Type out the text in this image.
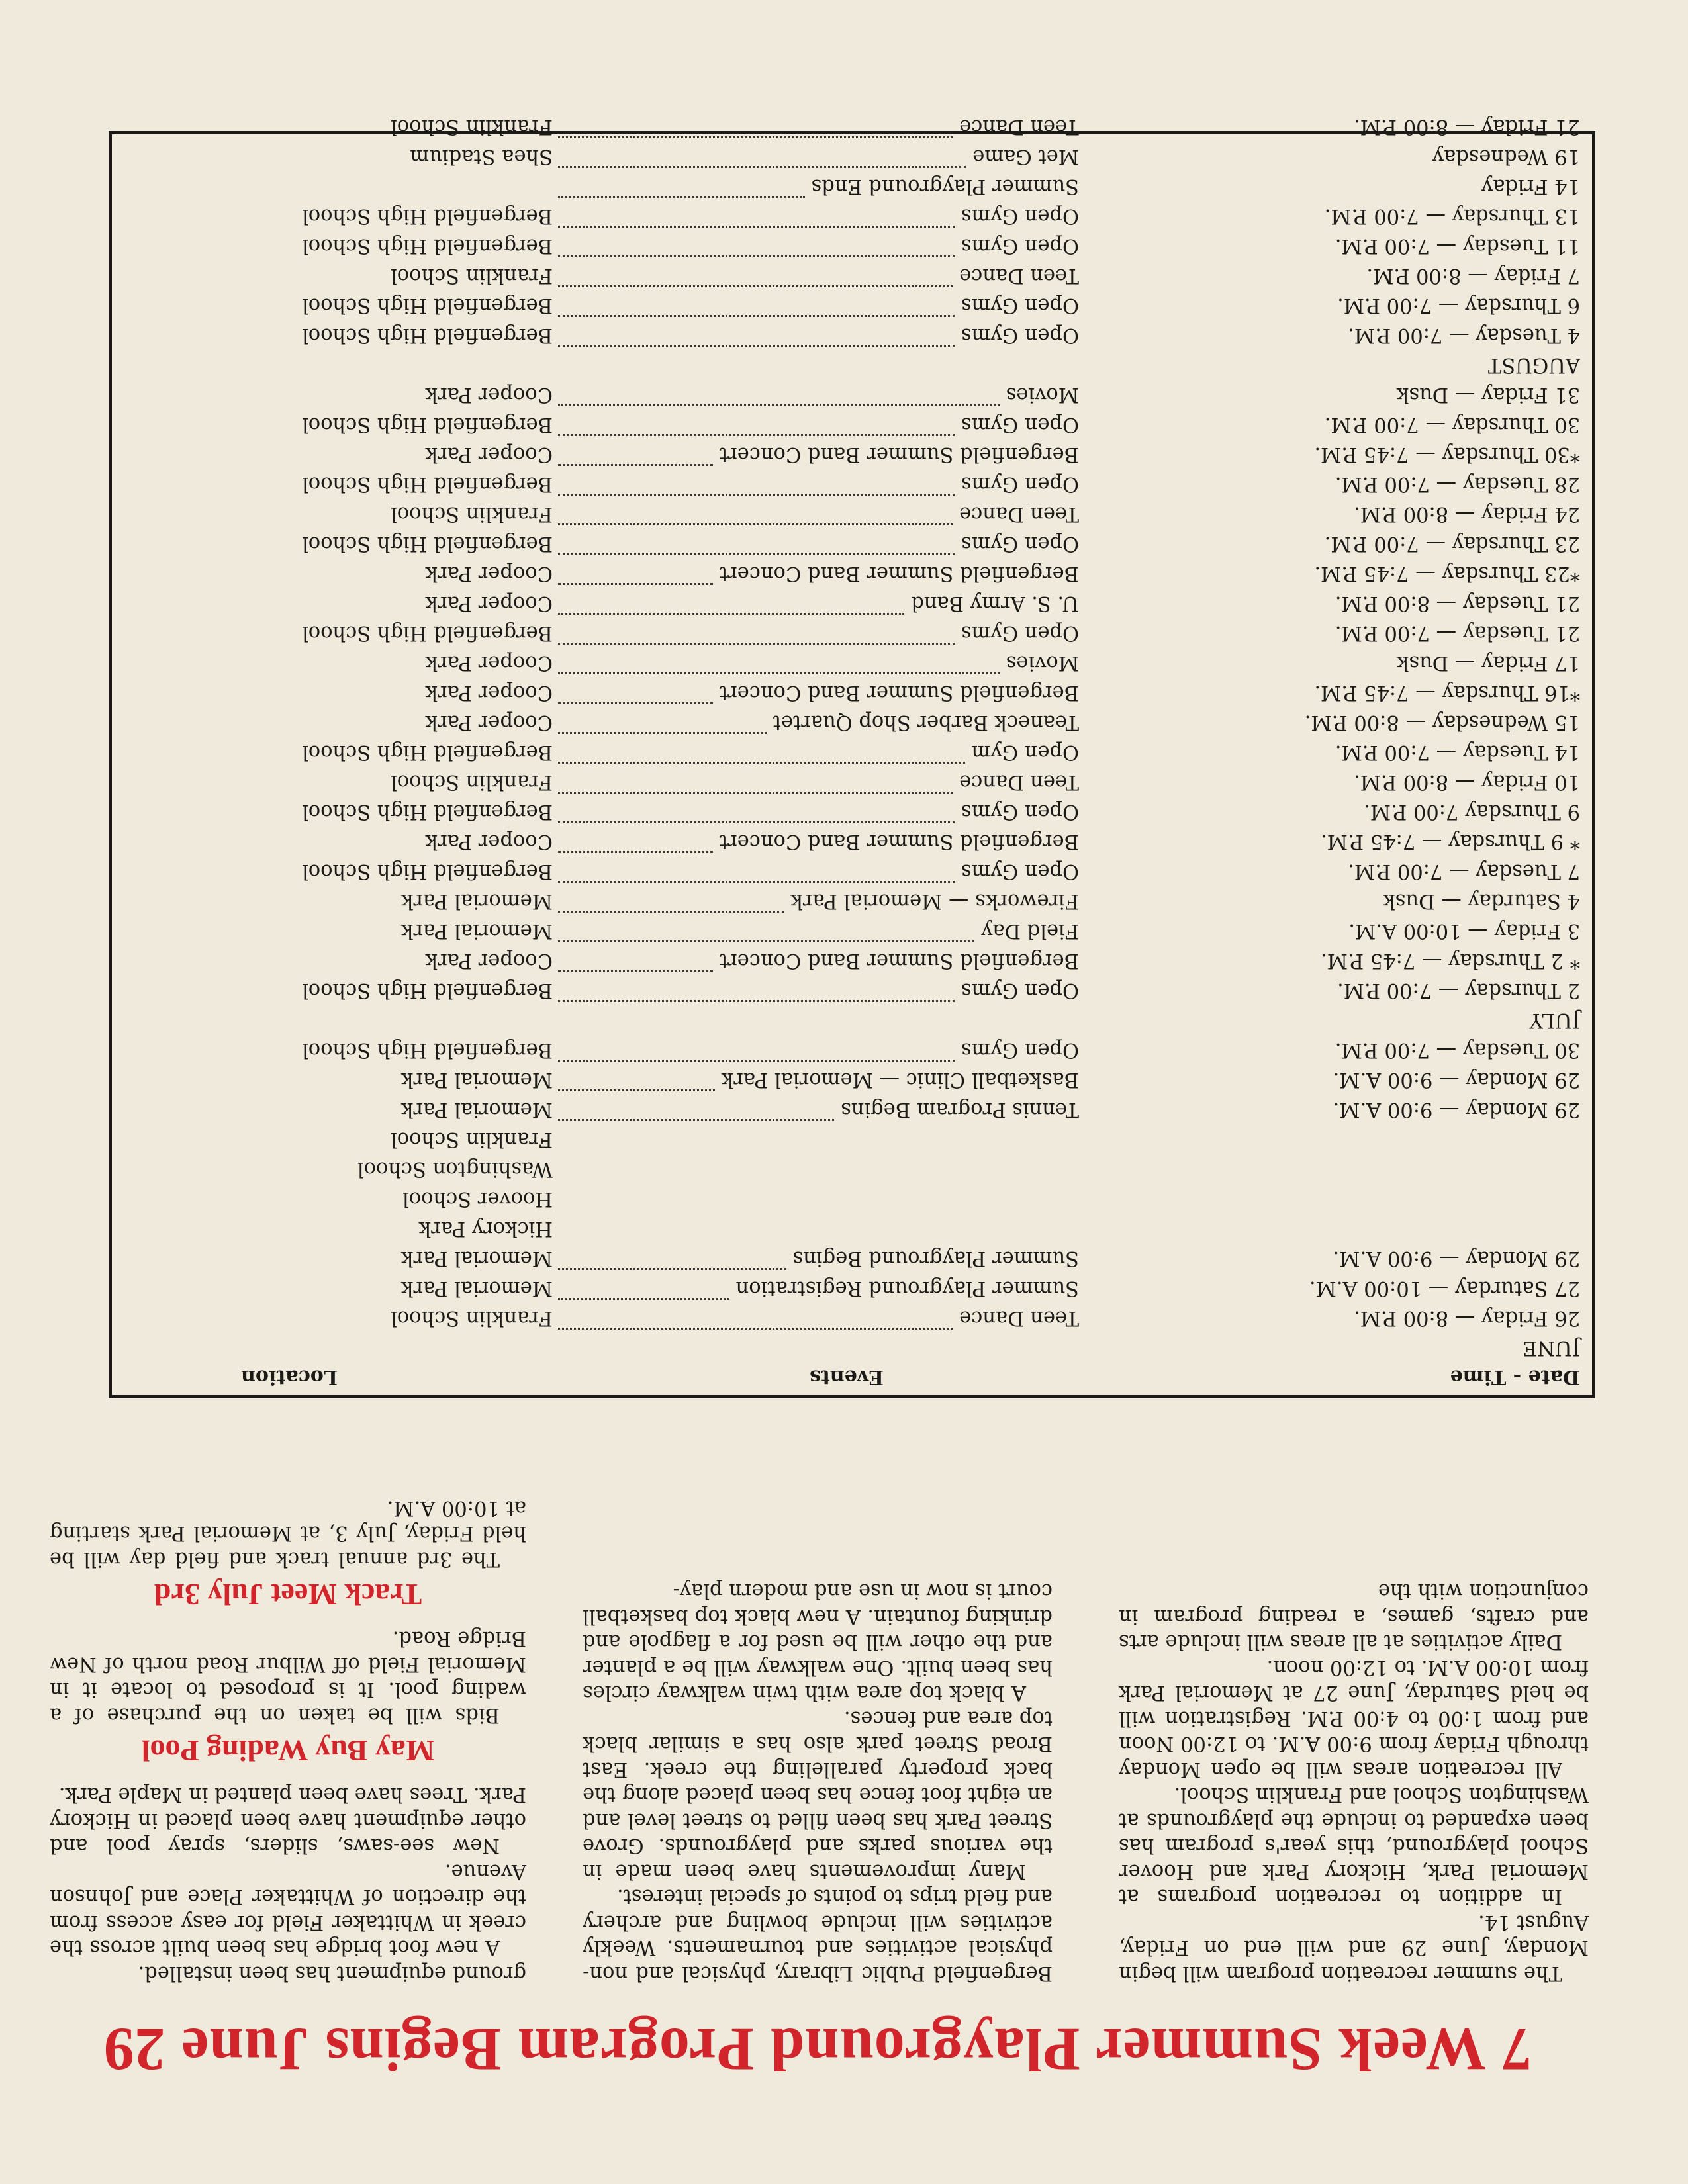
7 Week Summer Playground Program Begins June 29

The summer recreation program will begin Monday, June 29 and will end on Friday, August 14.

In addition to recreation programs at Memorial Park, Hickory Park and Hoover School playground, this year's program has been expanded to include the playgrounds at Washington School and Franklin School.

All recreation areas will be open Monday through Friday from 9:00 A.M. to 12:00 Noon and from 1:00 to 4:00 P.M. Registration will be held Saturday, June 27 at Memorial Park from 10:00 A.M. to 12:00 noon.

Daily activities at all areas will include arts and crafts, games, a reading program in conjunction with the

Bergenfield Public Library, physical and non-physical activities and tournaments. Weekly activities will include bowling and archery and field trips to points of special interest.

Many improvements have been made in the various parks and playgrounds. Grove Street Park has been filled to street level and an eight foot fence has been placed along the back property paralleling the creek. East Broad Street park also has a similar black top area and fences.

A black top area with twin walkway circles has been built. One walkway will be a planter and the other will be used for a flagpole and drinking fountain. A new black top basketball court is now in use and modern play-

ground equipment has been installed.

A new foot bridge has been built across the creek in Whittaker Field for easy access from the direction of Whittaker Place and Johnson Avenue.

New see-saws, sliders, spray pool and other equipment have been placed in Hickory Park. Trees have been planted in Maple Park.

May Buy Wading Pool

Bids will be taken on the purchase of a wading pool. It is proposed to locate it in Memorial Field off Wilbur Road north of New Bridge Road.

Track Meet July 3rd

The 3rd annual track and field day will be held Friday, July 3, at Memorial Park starting at 10:00 A.M.

Date - Time
Events
Location
JUNE
26 Friday — 8:00 P.M.
Teen Dance
Franklin School
27 Saturday — 10:00 A.M.
Summer Playground Registration
Memorial Park
29 Monday — 9:00 A.M.
Summer Playground Begins
Memorial Park
Hickory Park
Hoover School
Washington School
Franklin School
29 Monday — 9:00 A.M.
Tennis Program Begins
Memorial Park
29 Monday — 9:00 A.M.
Basketball Clinic — Memorial Park
Memorial Park
30 Tuesday — 7:00 P.M.
Open Gyms
Bergenfield High School
JULY
2 Thursday — 7:00 P.M.
Open Gyms
Bergenfield High School
* 2 Thursday — 7:45 P.M.
Bergenfield Summer Band Concert
Cooper Park
3 Friday — 10:00 A.M.
Field Day
Memorial Park
4 Saturday — Dusk
Fireworks — Memorial Park
Memorial Park
7 Tuesday — 7:00 P.M.
Open Gyms
Bergenfield High School
* 9 Thursday — 7:45 P.M.
Bergenfield Summer Band Concert
Cooper Park
9 Thursday 7:00 P.M.
Open Gyms
Bergenfield High School
10 Friday — 8:00 P.M.
Teen Dance
Franklin School
14 Tuesday — 7:00 P.M.
Open Gym
Bergenfield High School
15 Wednesday — 8:00 P.M.
Teaneck Barber Shop Quartet
Cooper Park
*16 Thursday — 7:45 P.M.
Bergenfield Summer Band Concert
Cooper Park
17 Friday — Dusk
Movies
Cooper Park
21 Tuesday — 7:00 P.M.
Open Gyms
Bergenfield High School
21 Tuesday — 8:00 P.M.
U. S. Army Band
Cooper Park
*23 Thursday — 7:45 P.M.
Bergenfield Summer Band Concert
Cooper Park
23 Thursday — 7:00 P.M.
Open Gyms
Bergenfield High School
24 Friday — 8:00 P.M.
Teen Dance
Franklin School
28 Tuesday — 7:00 P.M.
Open Gyms
Bergenfield High School
*30 Thursday — 7:45 P.M.
Bergenfield Summer Band Concert
Cooper Park
30 Thursday — 7:00 P.M.
Open Gyms
Bergenfield High School
31 Friday — Dusk
Movies
Cooper Park
AUGUST
4 Tuesday — 7:00 P.M.
Open Gyms
Bergenfield High School
6 Thursday — 7:00 P.M.
Open Gyms
Bergenfield High School
7 Friday — 8:00 P.M.
Teen Dance
Franklin School
11 Tuesday — 7:00 P.M.
Open Gyms
Bergenfield High School
13 Thursday — 7:00 P.M.
Open Gyms
Bergenfield High School
14 Friday
Summer Playground Ends
19 Wednesday
Met Game
Shea Stadium
21 Friday — 8:00 P.M.
Teen Dance
Franklin School
